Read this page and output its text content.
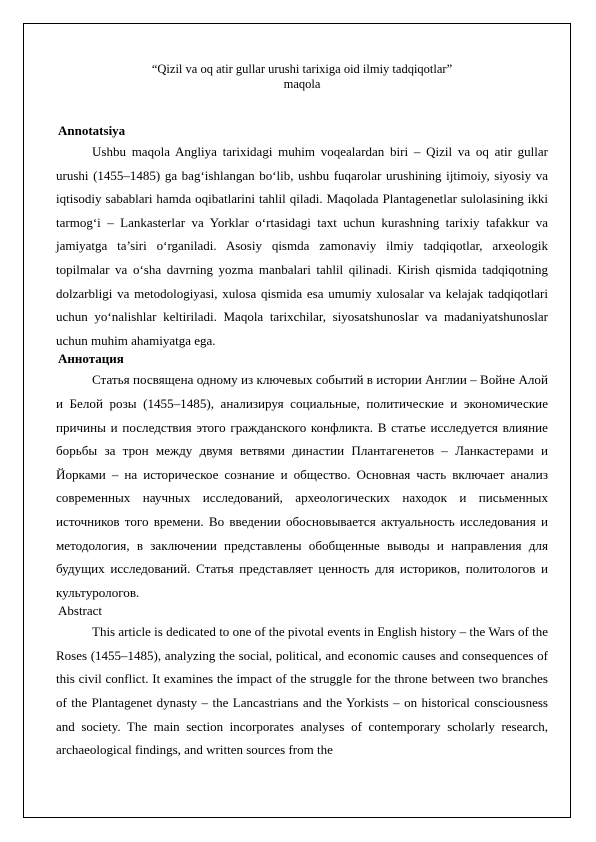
“Qizil va oq atir gullar urushi tarixiga oid ilmiy tadqiqotlar”
maqola
Annotatsiya

Ushbu maqola Angliya tarixidagi muhim voqealardan biri – Qizil va oq atir gullar urushi (1455–1485) ga bag‘ishlangan bo‘lib, ushbu fuqarolar urushining ijtimoiy, siyosiy va iqtisodiy sabablari hamda oqibatlarini tahlil qiladi. Maqolada Plantagenetlar sulolasining ikki tarmog‘i – Lankasterlar va Yorklar o‘rtasidagi taxt uchun kurashning tarixiy tafakkur va jamiyatga ta’siri o‘rganiladi. Asosiy qismda zamonaviy ilmiy tadqiqotlar, arxeologik topilmalar va o‘sha davrning yozma manbalari tahlil qilinadi. Kirish qismida tadqiqotning dolzarbligi va metodologiyasi, xulosa qismida esa umumiy xulosalar va kelajak tadqiqotlari uchun yo‘nalishlar keltiriladi. Maqola tarixchilar, siyosatshunoslar va madaniyatshunoslar uchun muhim ahamiyatga ega.

Аннотация

Статья посвящена одному из ключевых событий в истории Англии – Войне Алой и Белой розы (1455–1485), анализируя социальные, политические и экономические причины и последствия этого гражданского конфликта. В статье исследуется влияние борьбы за трон между двумя ветвями династии Плантагенетов – Ланкастерами и Йорками – на историческое сознание и общество. Основная часть включает анализ современных научных исследований, археологических находок и письменных источников того времени. Во введении обосновывается актуальность исследования и методология, в заключении представлены обобщенные выводы и направления для будущих исследований. Статья представляет ценность для историков, политологов и культурологов.

Abstract

This article is dedicated to one of the pivotal events in English history – the Wars of the Roses (1455–1485), analyzing the social, political, and economic causes and consequences of this civil conflict. It examines the impact of the struggle for the throne between two branches of the Plantagenet dynasty – the Lancastrians and the Yorkists – on historical consciousness and society. The main section incorporates analyses of contemporary scholarly research, archaeological findings, and written sources from the
